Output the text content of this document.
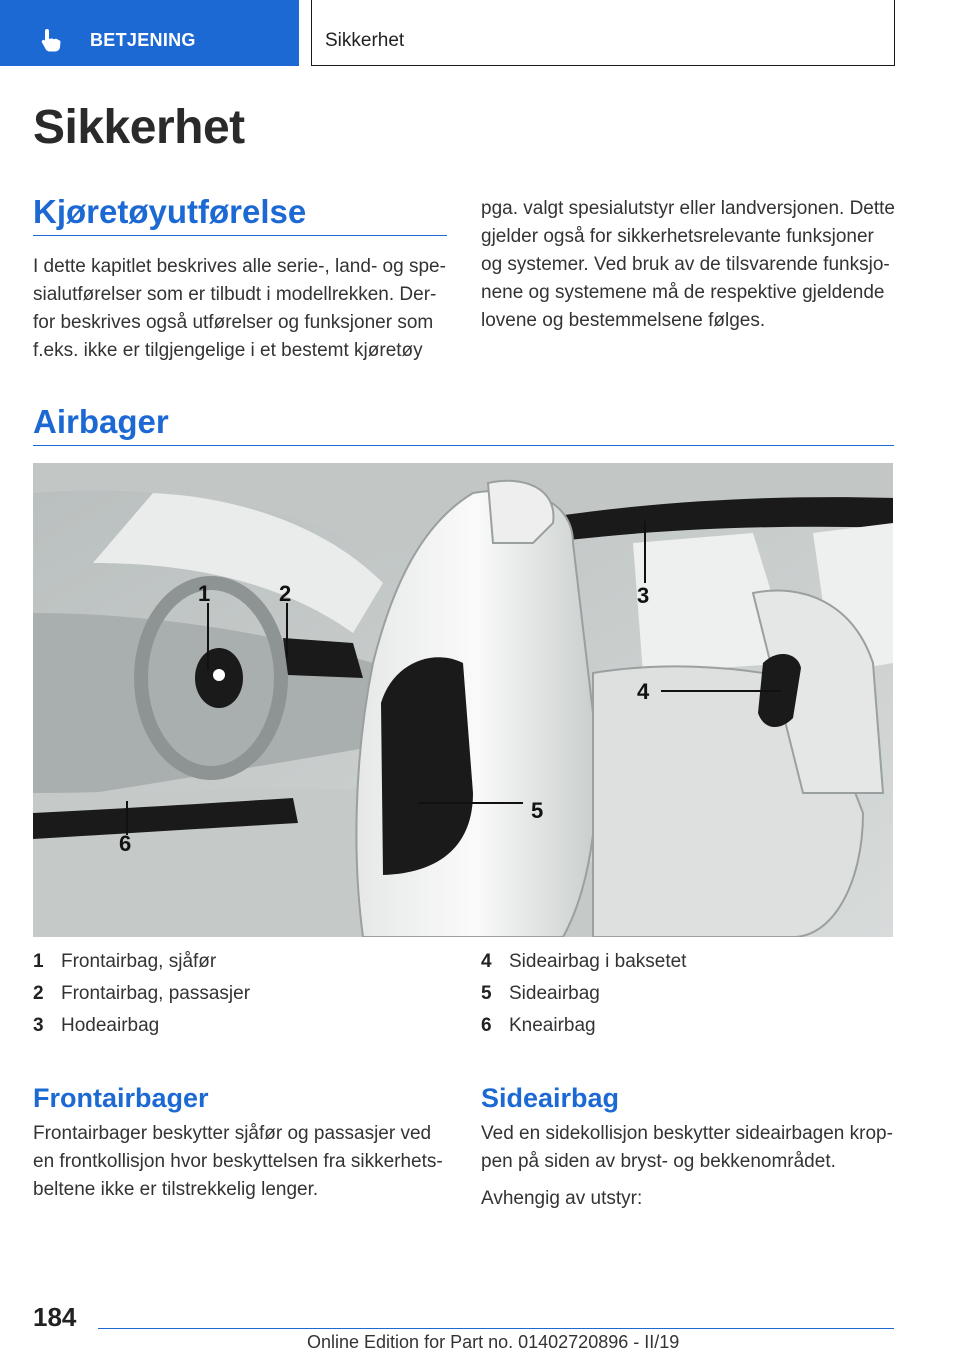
BETJENING	Sikkerhet
Sikkerhet
Kjøretøyutførelse
I dette kapitlet beskrives alle serie-, land- og spe-
sialutførelser som er tilbudt i modellrekken. Der-
for beskrives også utførelser og funksjoner som
f.eks. ikke er tilgjengelige i et bestemt kjøretøy
pga. valgt spesialutstyr eller landversjonen. Dette
gjelder også for sikkerhetsrelevante funksjoner
og systemer. Ved bruk av de tilsvarende funksjo-
nene og systemene må de respektive gjeldende
lovene og bestemmelsene følges.
Airbager
1	2	3
4
5
6
1 Frontairbag, sjåfør
2 Frontairbag, passasjer
3 Hodeairbag
4 Sideairbag i baksetet
5 Sideairbag
6 Kneairbag
Frontairbager
Frontairbager beskytter sjåfør og passasjer ved
en frontkollisjon hvor beskyttelsen fra sikkerhets-
beltene ikke er tilstrekkelig lenger.
Sideairbag
Ved en sidekollisjon beskytter sideairbagen krop-
pen på siden av bryst- og bekkenområdet.
Avhengig av utstyr:
184
Online Edition for Part no. 01402720896 - II/19
